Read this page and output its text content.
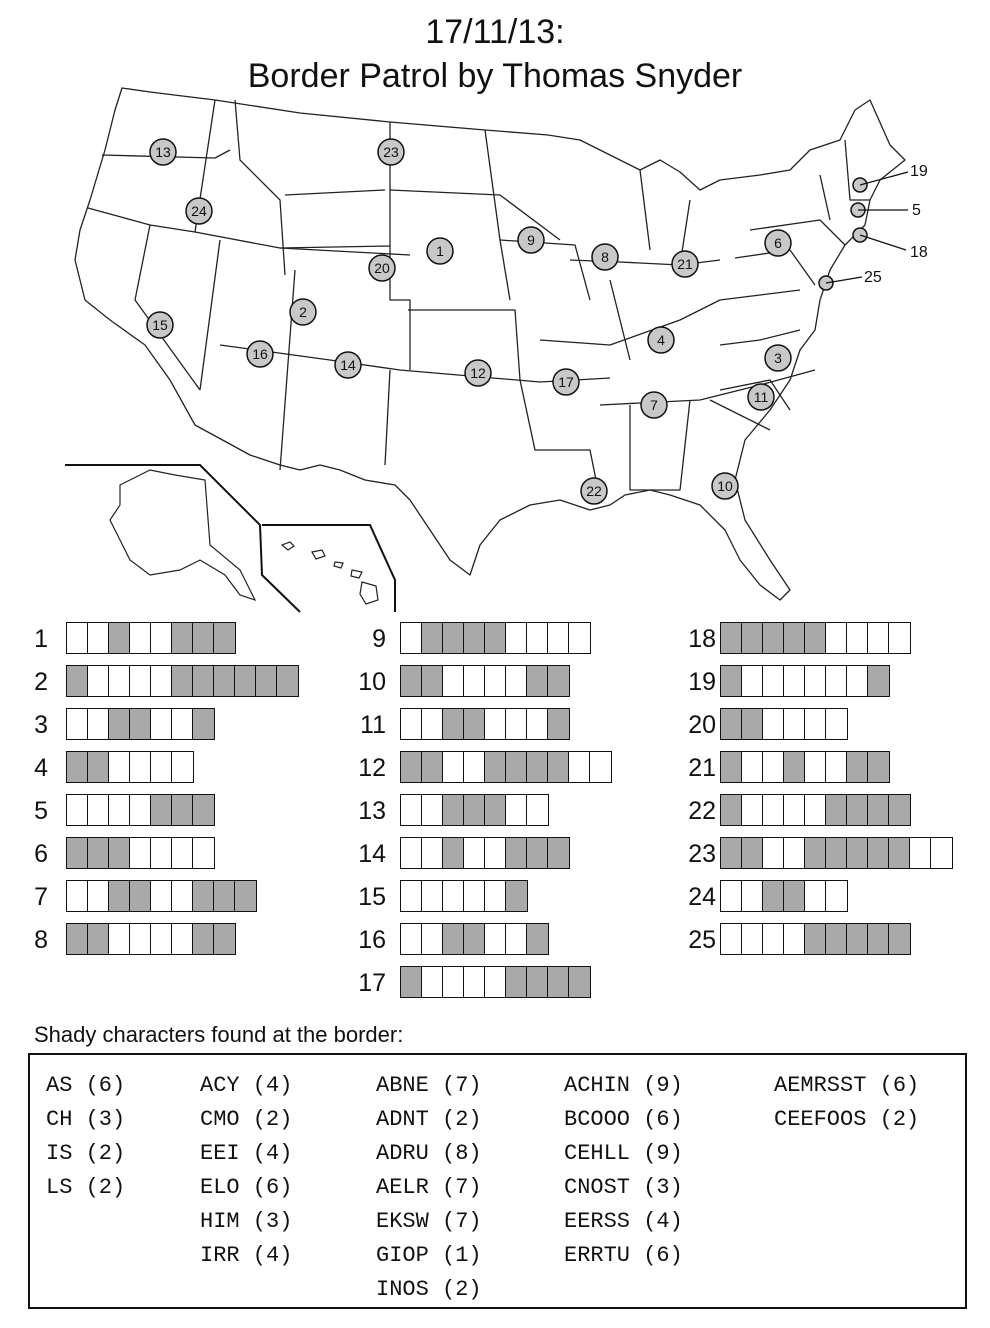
17/11/13:
Border Patrol by Thomas Snyder
1
2
3
4
6
7
8
9
10
11
12
13
14
15
16
17
20	21
22
23
24	5
18
19
25
1
2
3
4
5
6
7
8
9
10
11
12
13
14
15
16
17
18
19
20
21
22
23
24
25
Shady characters found at the border:
AS (6)
CH (3)
IS (2)
LS (2)
ACY (4)
CMO (2)
EEI (4)
ELO (6)
HIM (3)
IRR (4)
ABNE (7)
ADNT (2)
ADRU (8)
AELR (7)
EKSW (7)
GIOP (1)
INOS (2)
ACHIN (9)
BCOOO (6)
CEHLL (9)
CNOST (3)
EERSS (4)
ERRTU (6)
AEMRSST (6)
CEEFOOS (2)
